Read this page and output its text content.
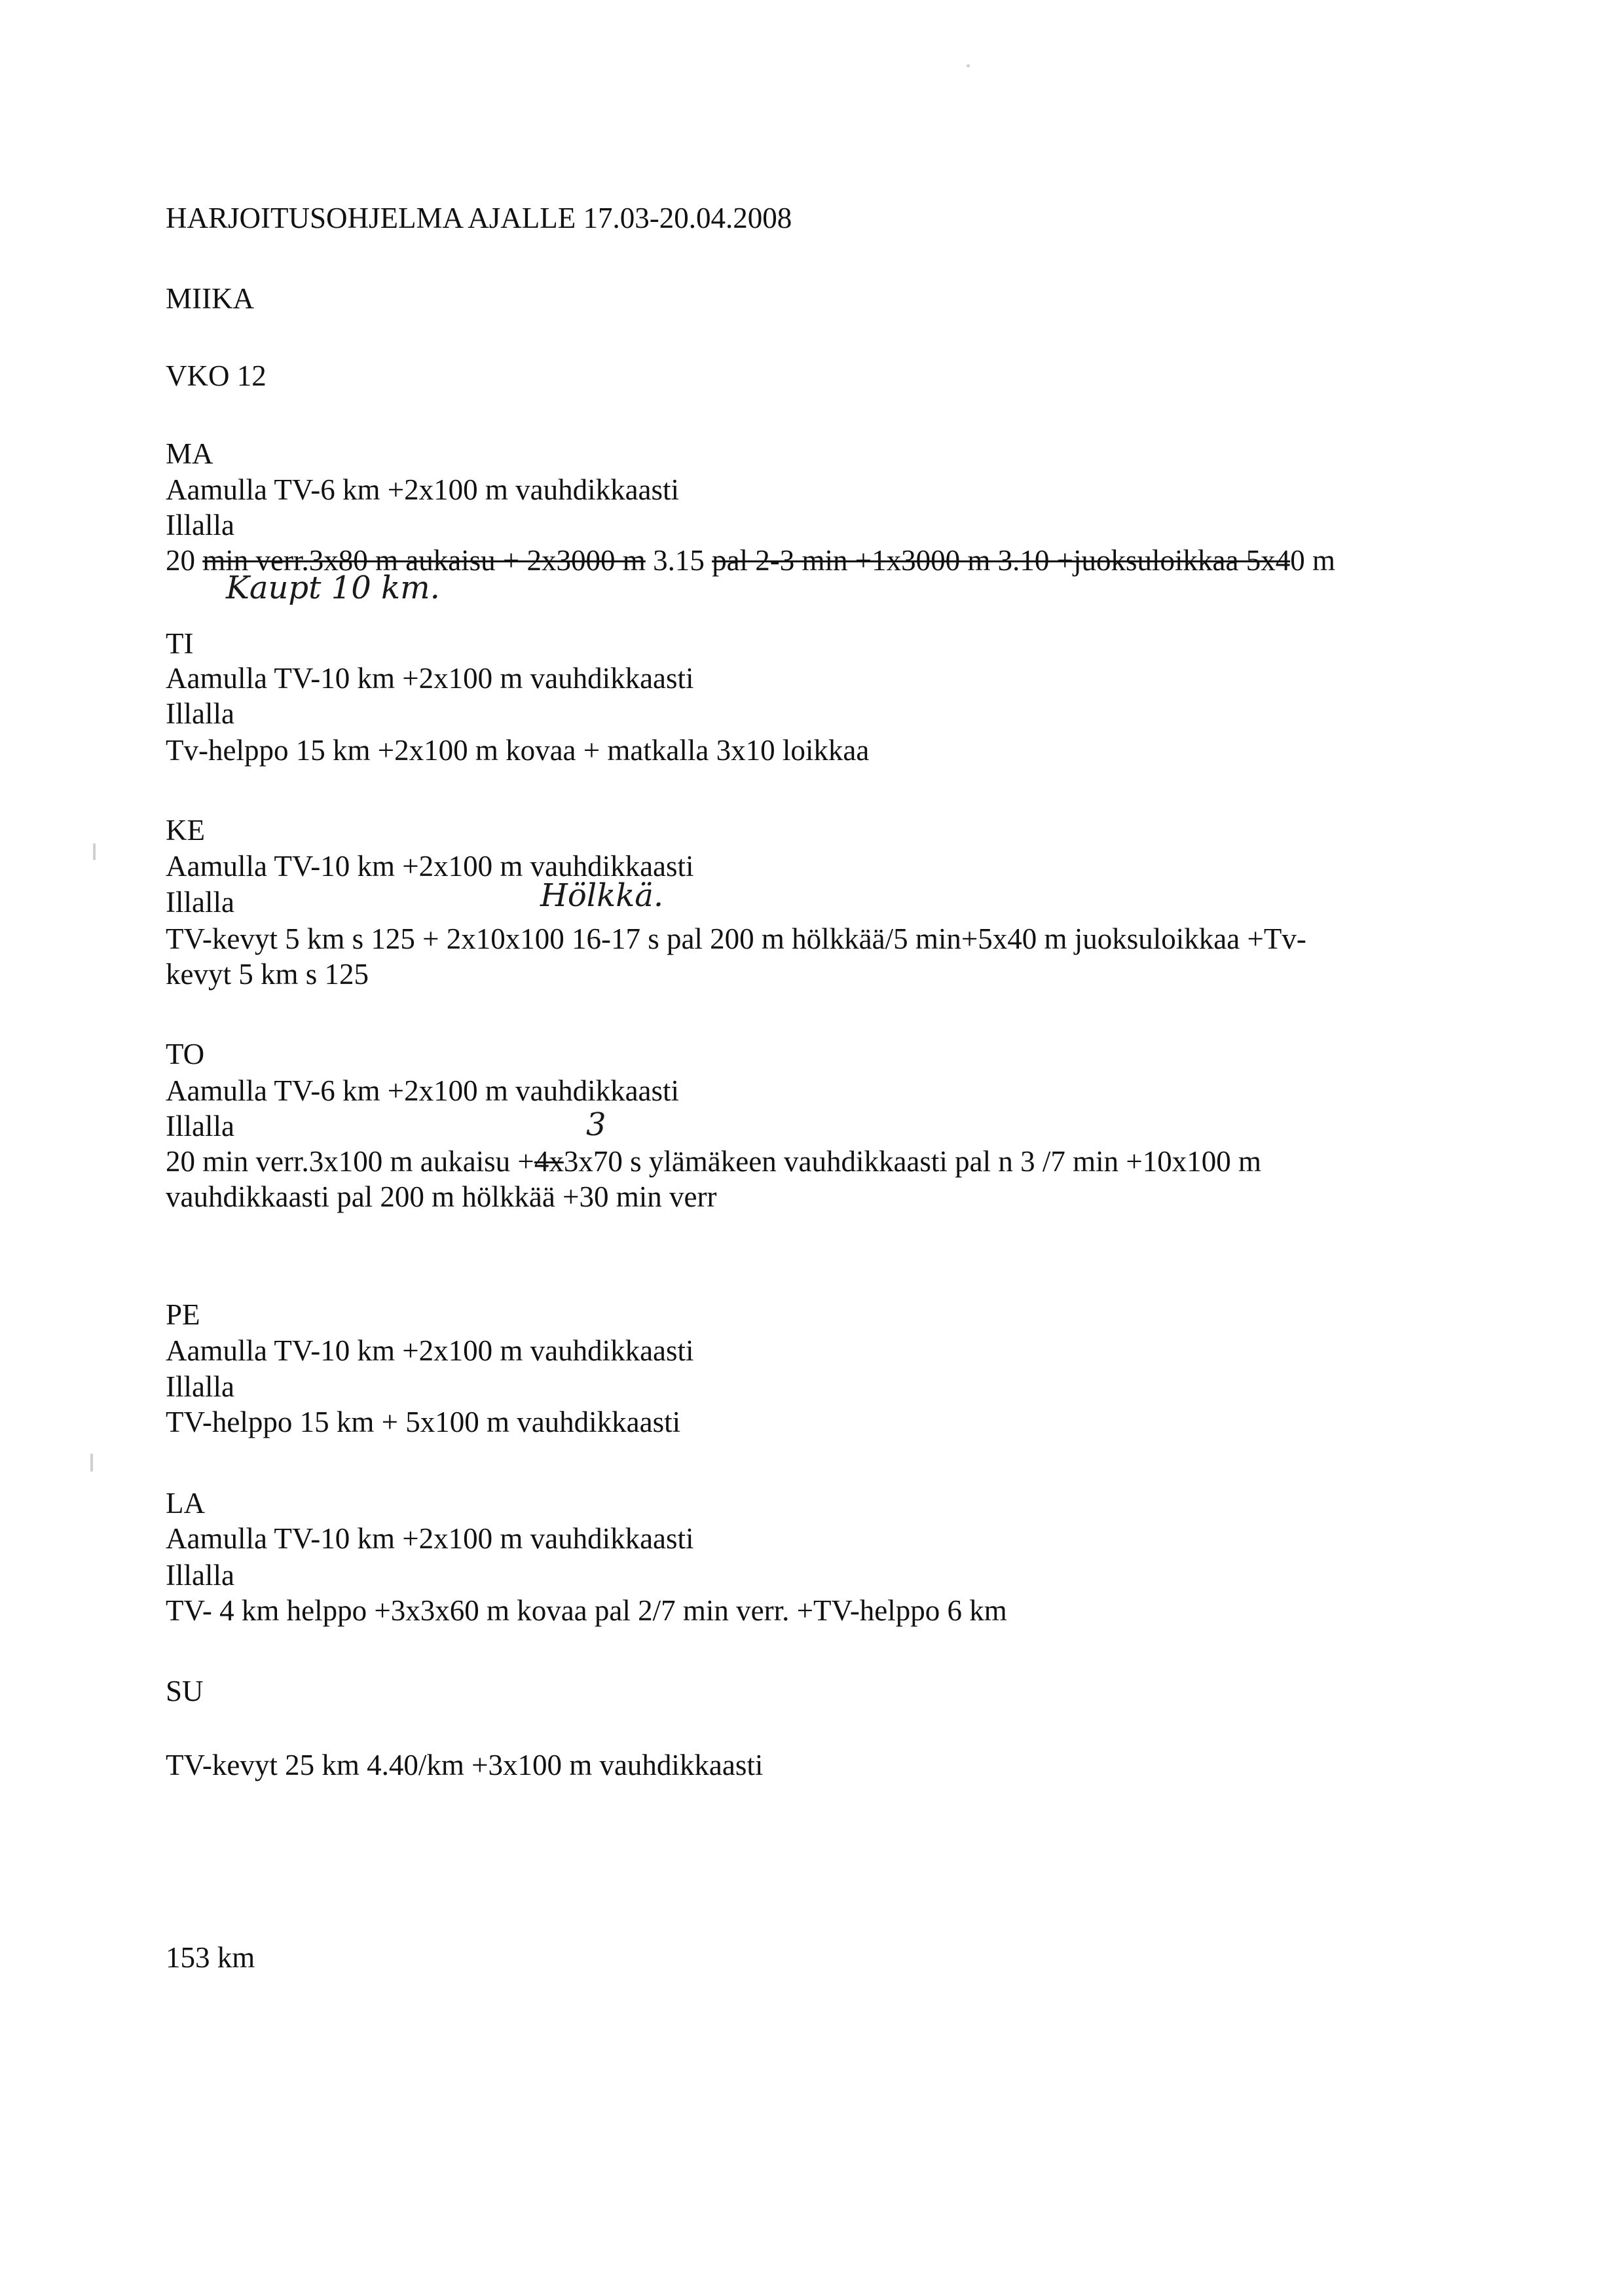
HARJOITUSOHJELMA AJALLE 17.03-20.04.2008
MIIKA
VKO 12
MA
Aamulla TV-6 km +2x100 m vauhdikkaasti
Illalla
20 min verr.3x80 m aukaisu + 2x3000 m 3.15 pal 2-3 min +1x3000 m 3.10 +juoksuloikkaa 5x40 m
Kaupt 10 km.
TI
Aamulla TV-10 km +2x100 m vauhdikkaasti
Illalla
Tv-helppo 15 km +2x100 m kovaa + matkalla 3x10 loikkaa
KE
Aamulla TV-10 km +2x100 m vauhdikkaasti
Illalla	Hölkkä.
TV-kevyt 5 km s 125 + 2x10x100 16-17 s pal 200 m hölkkää/5 min+5x40 m juoksuloikkaa +Tv-
kevyt 5 km s 125
TO
Aamulla TV-6 km +2x100 m vauhdikkaasti
Illalla	3
20 min verr.3x100 m aukaisu +4x3x70 s ylämäkeen vauhdikkaasti pal n 3 /7 min +10x100 m
vauhdikkaasti pal 200 m hölkkää +30 min verr
PE
Aamulla TV-10 km +2x100 m vauhdikkaasti
Illalla
TV-helppo 15 km + 5x100 m vauhdikkaasti
LA
Aamulla TV-10 km +2x100 m vauhdikkaasti
Illalla
TV- 4 km helppo +3x3x60 m kovaa pal 2/7 min verr. +TV-helppo 6 km
SU
TV-kevyt 25 km 4.40/km +3x100 m vauhdikkaasti
153 km
